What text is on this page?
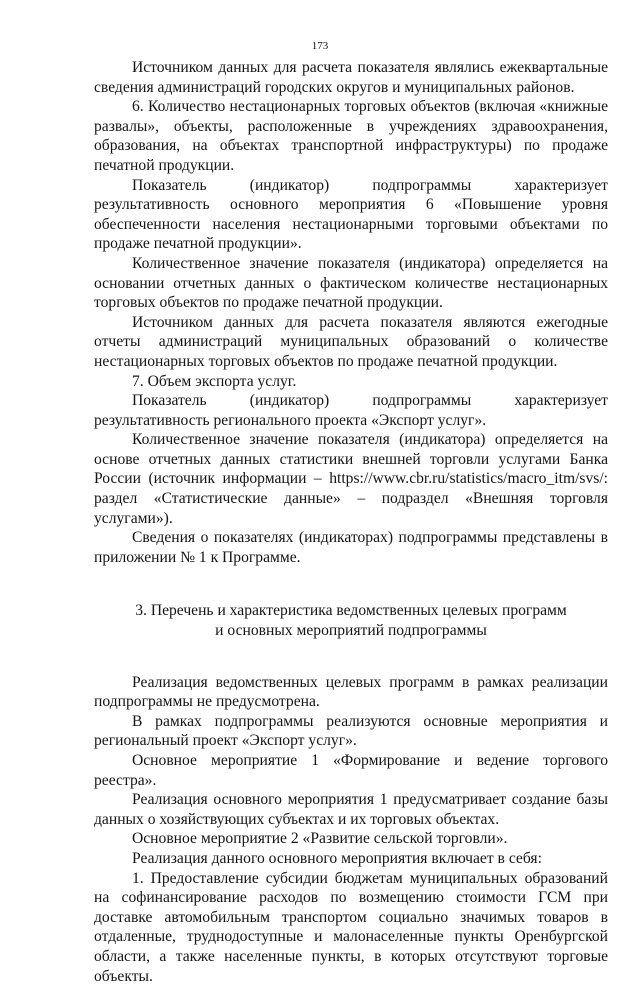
173

Источником данных для расчета показателя являлись ежеквартальные сведения администраций городских округов и муниципальных районов.

6. Количество нестационарных торговых объектов (включая «книжные развалы», объекты, расположенные в учреждениях здравоохранения, образования, на объектах транспортной инфраструктуры) по продаже печатной продукции.

Показатель (индикатор) подпрограммы характеризует результативность основного мероприятия 6 «Повышение уровня обеспеченности населения нестационарными торговыми объектами по продаже печатной продукции».

Количественное значение показателя (индикатора) определяется на основании отчетных данных о фактическом количестве нестационарных торговых объектов по продаже печатной продукции.

Источником данных для расчета показателя являются ежегодные отчеты администраций муниципальных образований о количестве нестационарных торговых объектов по продаже печатной продукции.

7. Объем экспорта услуг.

Показатель (индикатор) подпрограммы характеризует результативность регионального проекта «Экспорт услуг».

Количественное значение показателя (индикатора) определяется на основе отчетных данных статистики внешней торговли услугами Банка России (источник информации – https://www.cbr.ru/statistics/macro_itm/svs/: раздел «Статистические данные» – подраздел «Внешняя торговля услугами»).

Сведения о показателях (индикаторах) подпрограммы представлены в приложении № 1 к Программе.

3. Перечень и характеристика ведомственных целевых программ
и основных мероприятий подпрограммы

Реализация ведомственных целевых программ в рамках реализации подпрограммы не предусмотрена.

В рамках подпрограммы реализуются основные мероприятия и региональный проект «Экспорт услуг».

Основное мероприятие 1 «Формирование и ведение торгового реестра».

Реализация основного мероприятия 1 предусматривает создание базы данных о хозяйствующих субъектах и их торговых объектах.

Основное мероприятие 2 «Развитие сельской торговли».

Реализация данного основного мероприятия включает в себя:

1. Предоставление субсидии бюджетам муниципальных образований на софинансирование расходов по возмещению стоимости ГСМ при доставке автомобильным транспортом социально значимых товаров в отдаленные, труднодоступные и малонаселенные пункты Оренбургской области, а также населенные пункты, в которых отсутствуют торговые объекты.
